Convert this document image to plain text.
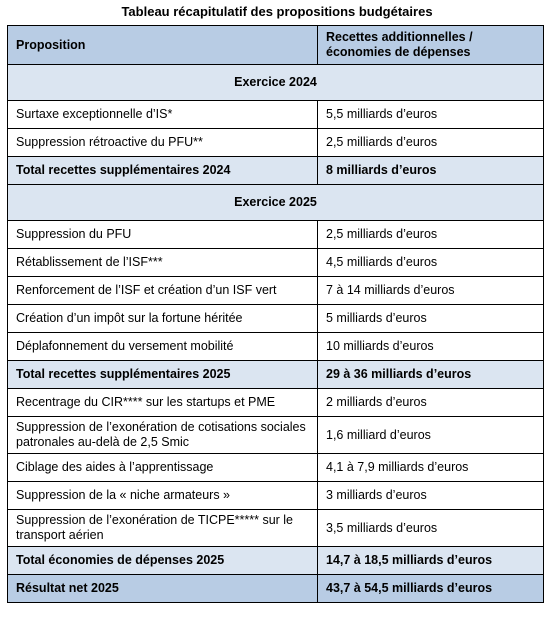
Tableau récapitulatif des propositions budgétaires
Proposition	Recettes additionnelles / économies de dépenses
Exercice 2024	
Surtaxe exceptionnelle d’IS*	5,5 milliards d’euros
Suppression rétroactive du PFU**	2,5 milliards d’euros
Total recettes supplémentaires 2024	8 milliards d’euros
Exercice 2025	
Suppression du PFU	2,5 milliards d’euros
Rétablissement de l’ISF***	4,5 milliards d’euros
Renforcement de l’ISF et création d’un ISF vert	7 à 14 milliards d’euros
Création d’un impôt sur la fortune héritée	5 milliards d’euros
Déplafonnement du versement mobilité	10 milliards d’euros
Total recettes supplémentaires 2025	29 à 36 milliards d’euros
Recentrage du CIR**** sur les startups et PME	2 milliards d’euros
Suppression de l’exonération de cotisations sociales patronales au-delà de 2,5 Smic	1,6 milliard d’euros
Ciblage des aides à l’apprentissage	4,1 à 7,9 milliards d’euros
Suppression de la « niche armateurs »	3 milliards d’euros
Suppression de l’exonération de TICPE***** sur le transport aérien	3,5 milliards d’euros
Total économies de dépenses 2025	14,7 à 18,5 milliards d’euros
Résultat net 2025	43,7 à 54,5 milliards d’euros
